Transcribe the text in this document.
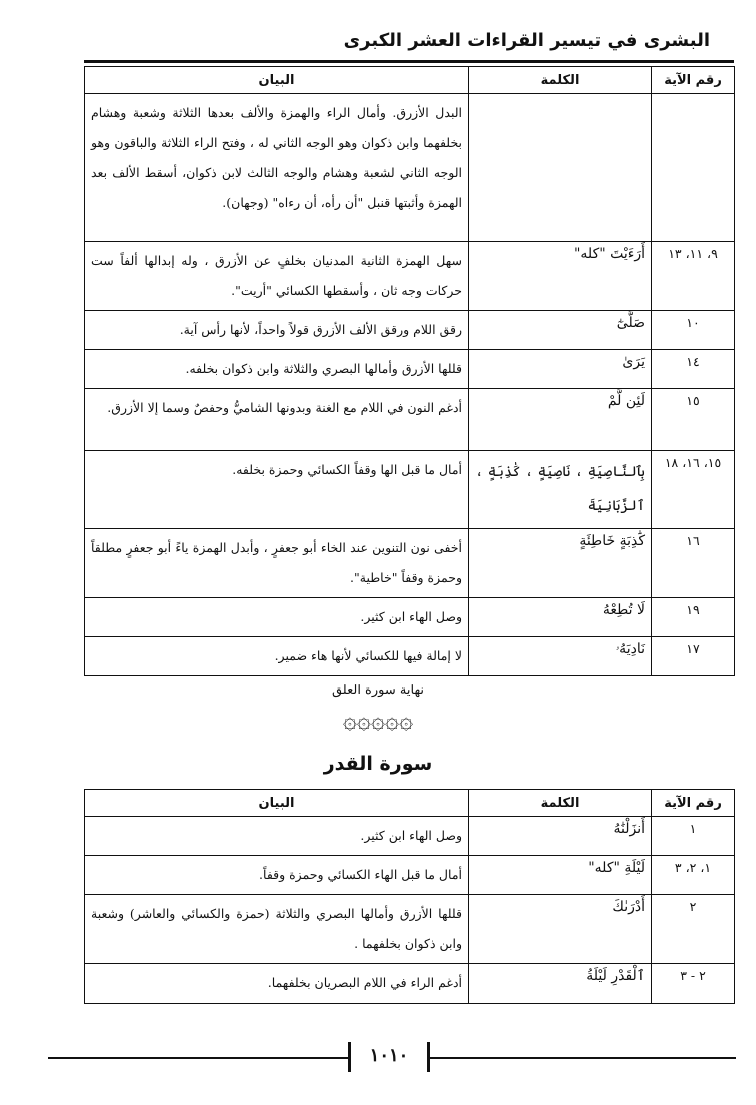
البشرى في تيسير القراءات العشر الكبرى
رقم الآية	الكلمة	البيان
		البدل الأزرق. وأمال الراء والهمزة والألف بعدها الثلاثة وشعبة وهشام بخلفهما وابن ذكوان وهو الوجه الثاني له ، وفتح الراء الثلاثة والباقون وهو الوجه الثاني لشعبة وهشام والوجه الثالث لابن ذكوان، أسقط الألف بعد الهمزة وأثبتها قنبل "أن رأه، أن رءاه" (وجهان).
٩، ١١، ١٣	أَرَءَيْتَ "كله"	سهل الهمزة الثانية المدنيان بخلفٍ عن الأزرق ، وله إبدالها ألفاً ست حركات وجه ثان ، وأسقطها الكسائي "أريت".
١٠	صَلَّىٰٓ	رقق اللام ورقق الألف الأزرق قولاً واحداً، لأنها رأس آية.
١٤	يَرَىٰ	قللها الأزرق وأمالها البصري والثلاثة وابن ذكوان بخلفه.
١٥	لَئِن لَّمْ	أدغم النون في اللام مع الغنة وبدونها الشاميُّ وحفصٌ وسما إلا الأزرق.
١٥، ١٦، ١٨	بِٱلنَّاصِيَةِ ، نَاصِيَةٍ ، كَٰذِبَةٍ ، ٱلزَّبَانِيَةَ	أمال ما قبل الها وقفاً الكسائي وحمزة بخلفه.
١٦	كَٰذِبَةٍ خَاطِئَةٍ	أخفى نون التنوين عند الخاء أبو جعفرٍ ، وأبدل الهمزة ياءً أبو جعفرٍ مطلقاً وحمزة وقفاً "خاطية".
١٩	لَا تُطِعْهُ	وصل الهاء ابن كثير.
١٧	نَادِيَهُۥ	لا إمالة فيها للكسائي لأنها هاء ضمير.
نهاية سورة العلق
۞۞۞۞۞
سورة القدر
رقم الآية	الكلمة	البيان
١	أَنزَلْنَٰهُ	وصل الهاء ابن كثير.
١، ٢، ٣	لَيْلَةِ "كله"	أمال ما قبل الهاء الكسائي وحمزة وقفاً.
٢	أَدْرَىٰكَ	قللها الأزرق وأمالها البصري والثلاثة (حمزة والكسائي والعاشر) وشعبة وابن ذكوان بخلفهما .
٢ - ٣	ٱلْقَدْرِ لَيْلَةُ	أدغم الراء في اللام البصريان بخلفهما.
١٠١٠
